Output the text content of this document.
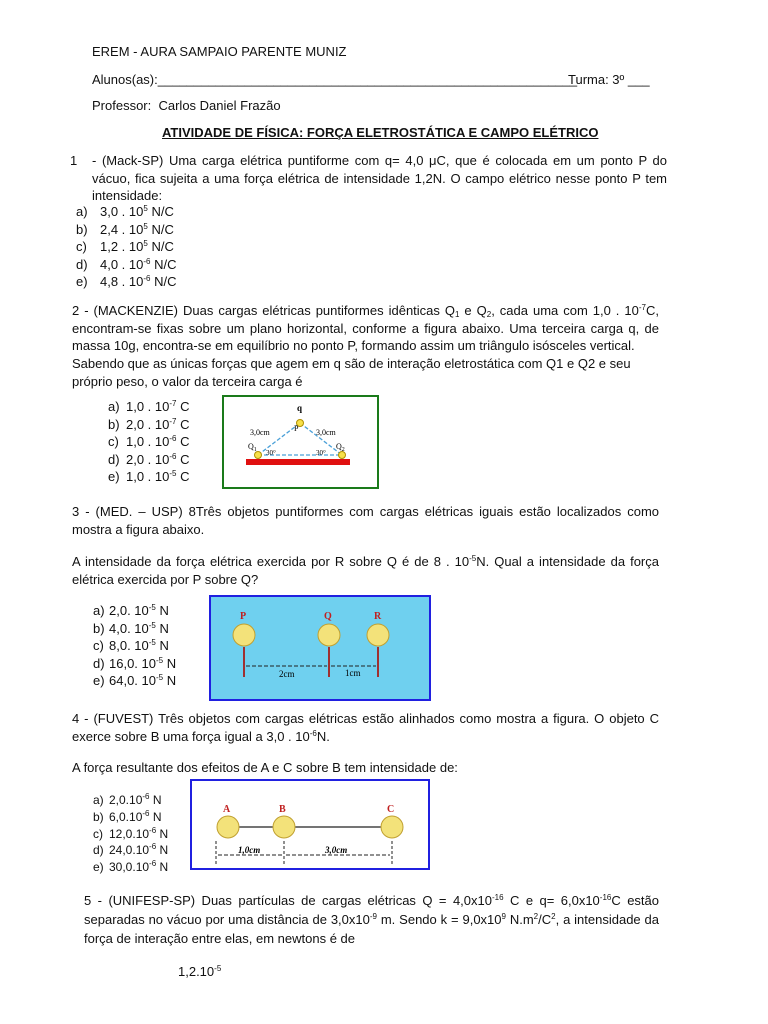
EREM - AURA SAMPAIO PARENTE MUNIZ
Alunos(as):__________________________________________________________
Turma: 3º ___
Professor: Carlos Daniel Frazão
ATIVIDADE DE FÍSICA: FORÇA ELETROSTÁTICA E CAMPO ELÉTRICO
1 - (Mack-SP) Uma carga elétrica puntiforme com q= 4,0 μC, que é colocada em um ponto P do vácuo, fica sujeita a uma força elétrica de intensidade 1,2N. O campo elétrico nesse ponto P tem intensidade:
a) 3,0 . $10^5$ N/C
b) 2,4 . $10^5$ N/C
c) 1,2 . $10^5$ N/C
d) 4,0 . $10^{-6}$ N/C
e) 4,8 . $10^{-6}$ N/C
2 - (MACKENZIE) Duas cargas elétricas puntiformes idênticas $Q_1$ e $Q_2$, cada uma com 1,0 . $10^{-7}C$, encontram-se fixas sobre um plano horizontal, conforme a figura abaixo. Uma terceira carga q, de massa 10g, encontra-se em equilíbrio no ponto P, formando assim um triângulo isósceles vertical.
a) 1,0 . $10^{-7}$ C
b) 2,0 . $10^{-7}$ C
c) 1,0 . $10^{-6}$ C
d) 2,0 . $10^{-6}$ C
e) 1,0 . $10^{-5}$ C
q
P
3,0cm	3,0cm
$Q_1$	$Q_2$
30°	30°
3 - (MED. – USP) 8Três objetos puntiformes com cargas elétricas iguais estão localizados como mostra a figura abaixo.
A intensidade da força elétrica exercida por R sobre Q é de 8 . $10^{-5}N$. Qual a intensidade da força elétrica exercida por P sobre Q?
a) 2,0. $10^{-5}$ N
b) 4,0. $10^{-5}$ N
c) 8,0. $10^{-5}$ N
d) 16,0. $10^{-5}$ N
e) 64,0. $10^{-5}$ N
P	Q	R
2cm	1cm
4 - (FUVEST) Três objetos com cargas elétricas estão alinhados como mostra a figura. O objeto C exerce sobre B uma força igual a 3,0 . $10^{-6}N$.
A força resultante dos efeitos de A e C sobre B tem intensidade de:
a) $2,0.10^{-6}$ N
b) $6,0.10^{-6}$ N
c) $12,0.10^{-6}$ N
d) $24,0.10^{-6}$ N
e) $30,0.10^{-6}$ N
A	B	C
1,0cm	3,0cm
5 - (UNIFESP-SP) Duas partículas de cargas elétricas $Q = 4,0x10^{-16}$ C e $q= 6,0x10^{-16}C$ estão separadas no vácuo por uma distância de $3,0x10^{-9}$ m. Sendo $k = 9,0x10^9$ $N.m^2/C^2$, a intensidade da força de interação entre elas, em newtons é de
$1,2.10^{-5}$
Sabendo que as únicas forças que agem em q são de interação eletrostática com Q1 e Q2 e seu próprio peso, o valor da terceira carga é
